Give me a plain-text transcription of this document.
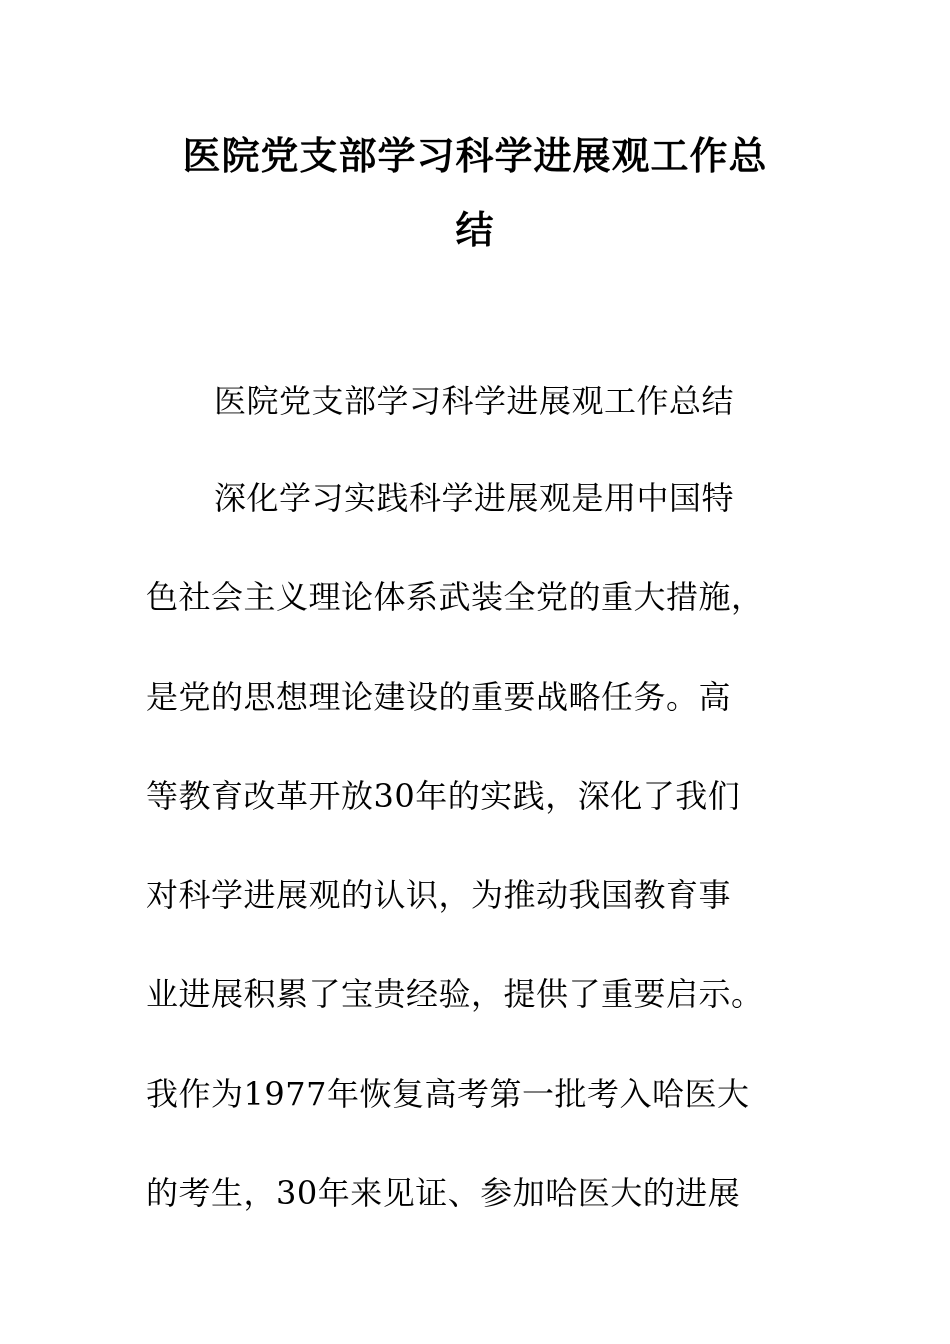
医院党支部学习科学进展观工作总
结
医院党支部学习科学进展观工作总结
深化学习实践科学进展观是用中国特
色社会主义理论体系武装全党的重大措施，
是党的思想理论建设的重要战略任务。高
等教育改革开放30年的实践，深化了我们
对科学进展观的认识，为推动我国教育事
业进展积累了宝贵经验，提供了重要启示。
我作为1977年恢复高考第一批考入哈医大
的考生，30年来见证、参加哈医大的进展
